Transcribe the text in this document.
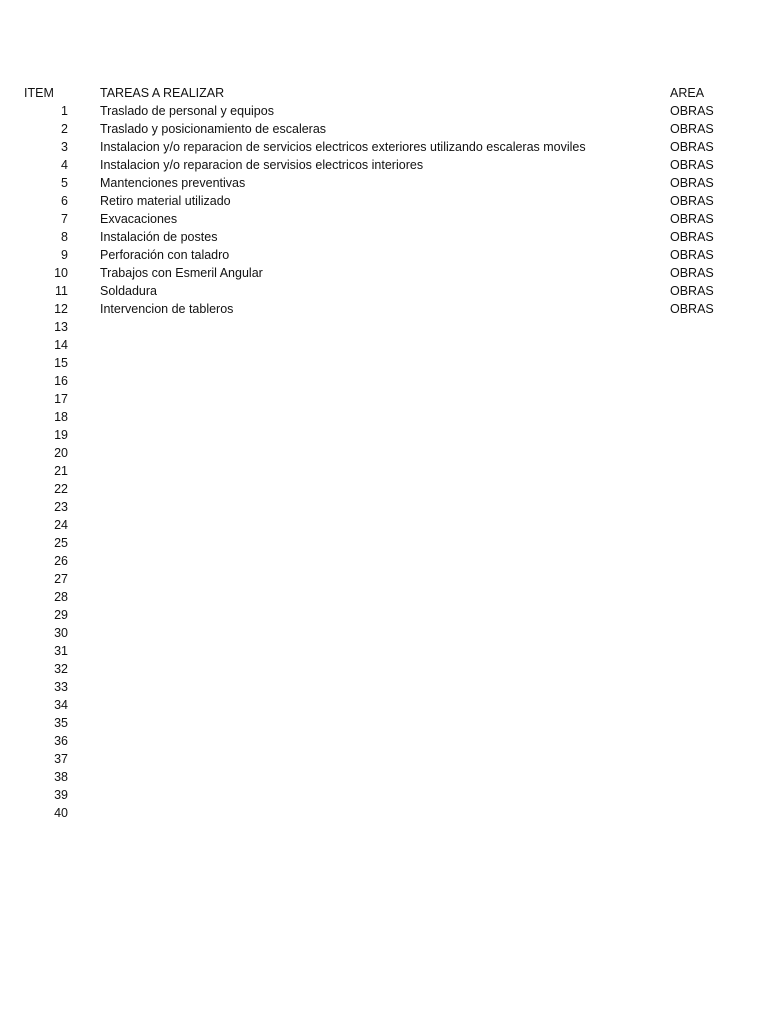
ITEM	TAREAS A REALIZAR	AREA
1	Traslado de personal y equipos	OBRAS
2	Traslado y posicionamiento de escaleras	OBRAS
3	Instalacion y/o reparacion de servicios electricos exteriores utilizando escaleras moviles	OBRAS
4	Instalacion y/o reparacion de servisios electricos interiores	OBRAS
5	Mantenciones preventivas	OBRAS
6	Retiro material utilizado	OBRAS
7	Exvacaciones	OBRAS
8	Instalación de postes	OBRAS
9	Perforación con taladro	OBRAS
10	Trabajos con Esmeril Angular	OBRAS
11	Soldadura	OBRAS
12	Intervencion de tableros	OBRAS
13
14
15
16
17
18
19
20
21
22
23
24
25
26
27
28
29
30
31
32
33
34
35
36
37
38
39
40
